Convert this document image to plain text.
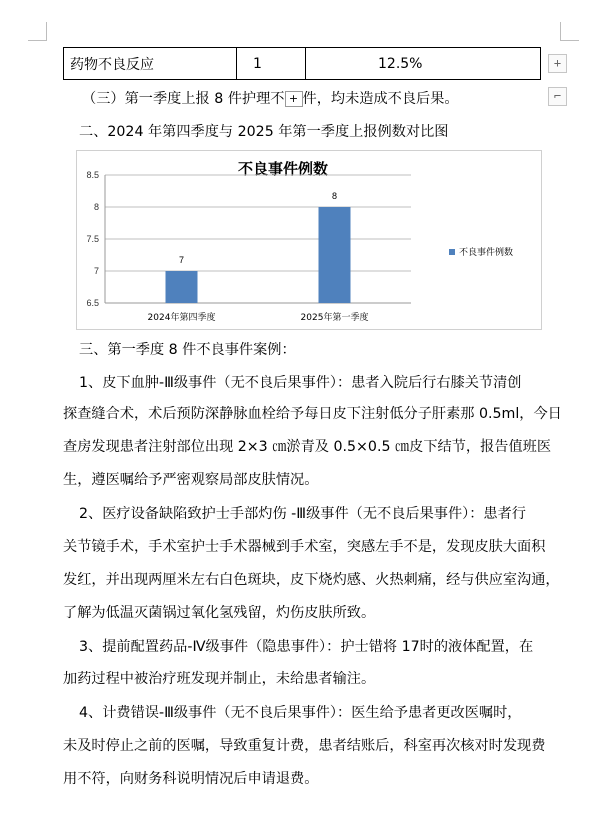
+
⌐
药物不良反应	1	12.5%
（三）第一季度上报 8 件护理不 + 件，均未造成不良后果。
二、2024 年第四季度与 2025 年第一季度上报例数对比图
不良事件例数
6.5
7
7.5
8
8.5
7
2024年第四季度
8
2025年第一季度
不良事件例数
三、第一季度 8 件不良事件案例：
1、皮下血肿-Ⅲ级事件（无不良后果事件）：患者入院后行右膝关节清创
探查缝合术，术后预防深静脉血栓给予每日皮下注射低分子肝素那 0.5ml，今日
查房发现患者注射部位出现 2×3 ㎝淤青及 0.5×0.5 ㎝皮下结节，报告值班医
生，遵医嘱给予严密观察局部皮肤情况。
2、医疗设备缺陷致护士手部灼伤 -Ⅲ级事件（无不良后果事件）：患者行
关节镜手术，手术室护士手术器械到手术室，突感左手不是，发现皮肤大面积
发红，并出现两厘米左右白色斑块，皮下烧灼感、火热刺痛，经与供应室沟通，
了解为低温灭菌锅过氧化氢残留，灼伤皮肤所致。
3、提前配置药品-Ⅳ级事件（隐患事件）：护士错将 17时的液体配置，在
加药过程中被治疗班发现并制止，未给患者输注。
4、计费错误-Ⅲ级事件（无不良后果事件）：医生给予患者更改医嘱时，
未及时停止之前的医嘱，导致重复计费，患者结账后，科室再次核对时发现费
用不符，向财务科说明情况后申请退费。
